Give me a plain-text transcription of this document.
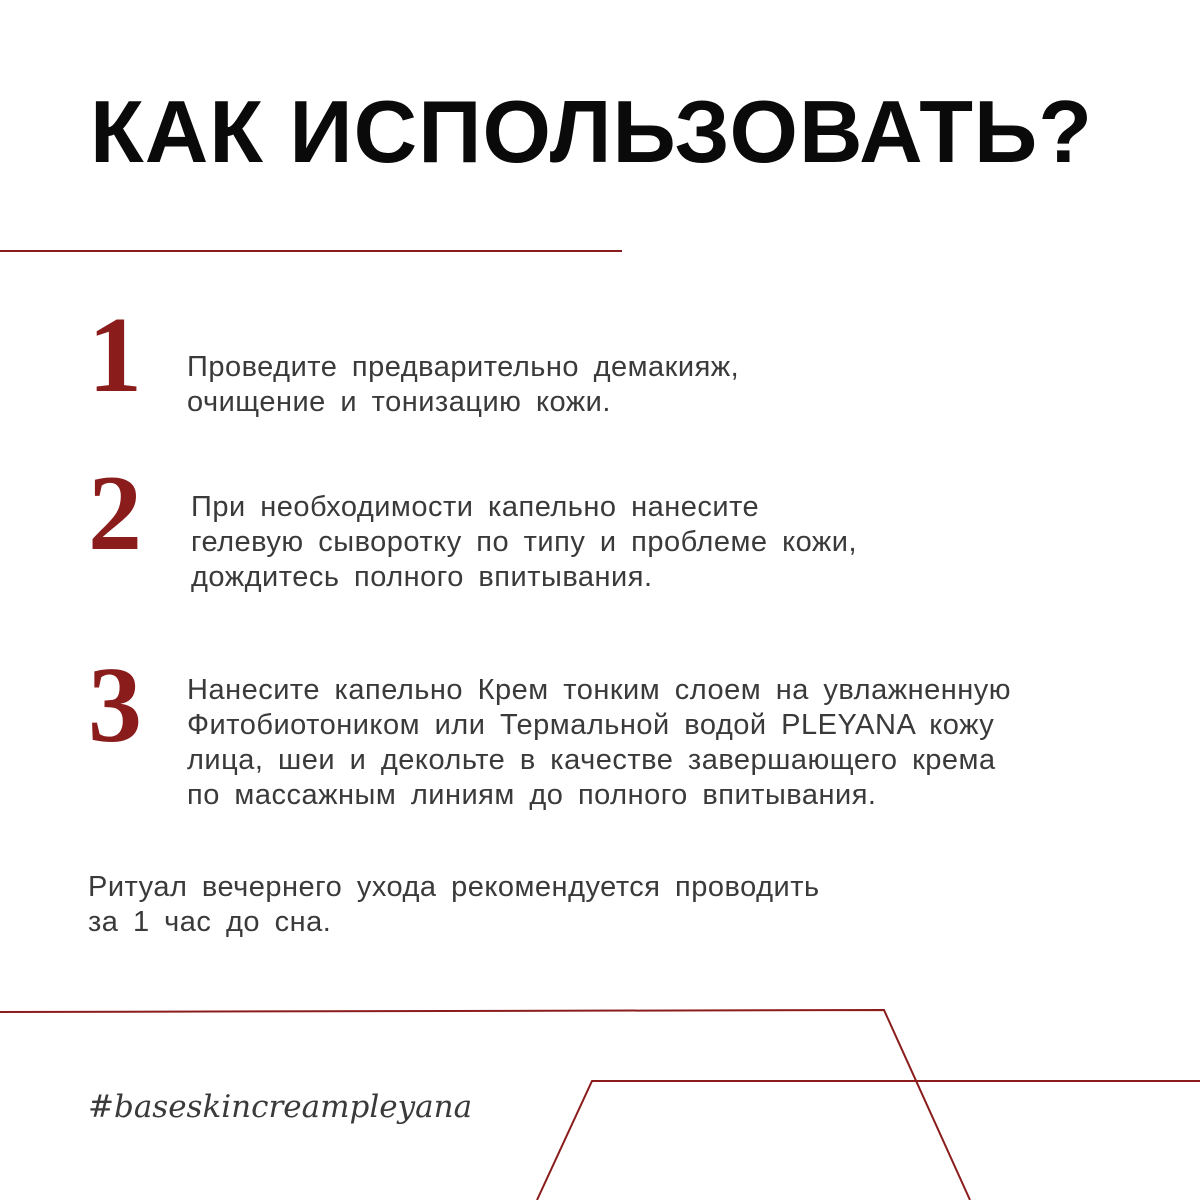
КАК ИСПОЛЬЗОВАТЬ?
1 Проведите предварительно демакияж,
очищение и тонизацию кожи.

2 При необходимости капельно нанесите
гелевую сыворотку по типу и проблеме кожи,
дождитесь полного впитывания.

3 Нанесите капельно Крем тонким слоем на увлажненную
Фитобиотоником или Термальной водой PLEYANA кожу
лица, шеи и декольте в качестве завершающего крема
по массажным линиям до полного впитывания.

Ритуал вечернего ухода рекомендуется проводить
за 1 час до сна.

#baseskincreampleyana
